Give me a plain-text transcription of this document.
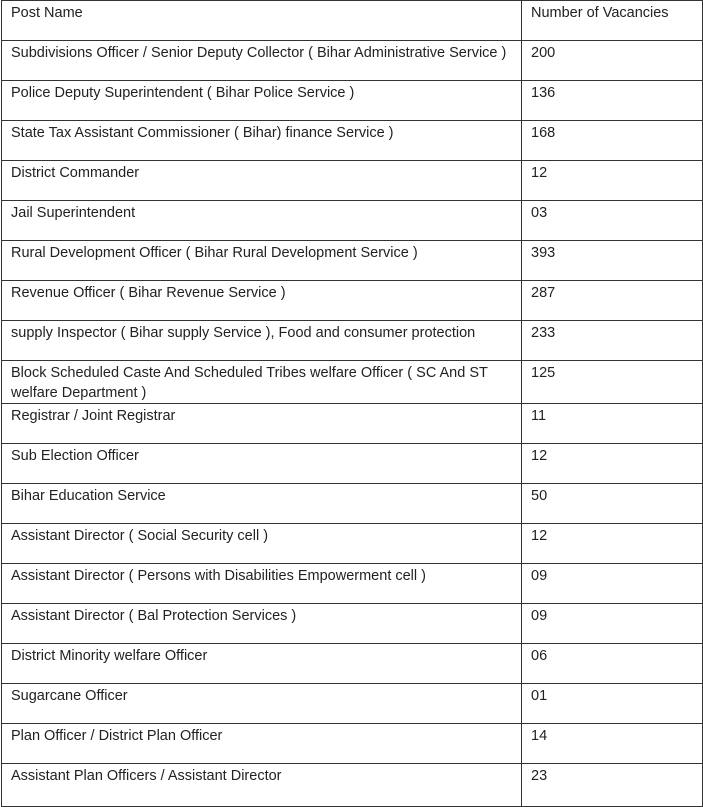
Post Name	Number of Vacancies
Subdivisions Officer / Senior Deputy Collector ( Bihar Administrative Service )	200
Police Deputy Superintendent ( Bihar Police Service )	136
State Tax Assistant Commissioner ( Bihar) finance Service )	168
District Commander	12
Jail Superintendent	03
Rural Development Officer ( Bihar Rural Development Service )	393
Revenue Officer ( Bihar Revenue Service )	287
supply Inspector ( Bihar supply Service ), Food and consumer protection	233
Block Scheduled Caste And Scheduled Tribes welfare Officer ( SC And ST welfare Department )	125
Registrar / Joint Registrar	11
Sub Election Officer	12
Bihar Education Service	50
Assistant Director ( Social Security cell )	12
Assistant Director ( Persons with Disabilities Empowerment cell )	09
Assistant Director ( Bal Protection Services )	09
District Minority welfare Officer	06
Sugarcane Officer	01
Plan Officer / District Plan Officer	14
Assistant Plan Officers / Assistant Director	23
